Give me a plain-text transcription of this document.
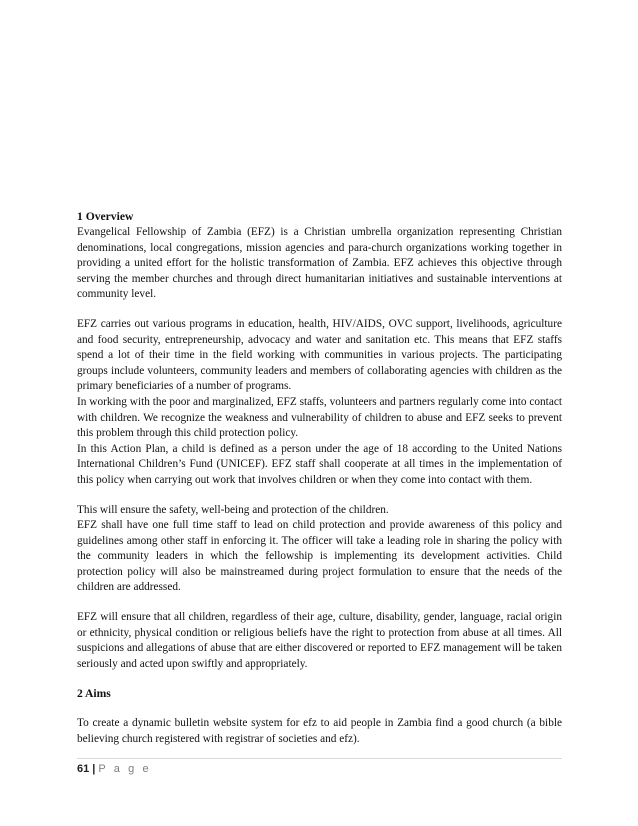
1 Overview

Evangelical Fellowship of Zambia (EFZ) is a Christian umbrella organization representing Christian denominations, local congregations, mission agencies and para-church organizations working together in providing a united effort for the holistic transformation of Zambia. EFZ achieves this objective through serving the member churches and through direct humanitarian initiatives and sustainable interventions at community level.

EFZ carries out various programs in education, health, HIV/AIDS, OVC support, livelihoods, agriculture and food security, entrepreneurship, advocacy and water and sanitation etc. This means that EFZ staffs spend a lot of their time in the field working with communities in various projects. The participating groups include volunteers, community leaders and members of collaborating agencies with children as the primary beneficiaries of a number of programs.

In working with the poor and marginalized, EFZ staffs, volunteers and partners regularly come into contact with children. We recognize the weakness and vulnerability of children to abuse and EFZ seeks to prevent this problem through this child protection policy.

In this Action Plan, a child is defined as a person under the age of 18 according to the United Nations International Children’s Fund (UNICEF). EFZ staff shall cooperate at all times in the implementation of this policy when carrying out work that involves children or when they come into contact with them.

This will ensure the safety, well-being and protection of the children.

EFZ shall have one full time staff to lead on child protection and provide awareness of this policy and guidelines among other staff in enforcing it. The officer will take a leading role in sharing the policy with the community leaders in which the fellowship is implementing its development activities. Child protection policy will also be mainstreamed during project formulation to ensure that the needs of the children are addressed.

EFZ will ensure that all children, regardless of their age, culture, disability, gender, language, racial origin or ethnicity, physical condition or religious beliefs have the right to protection from abuse at all times. All suspicions and allegations of abuse that are either discovered or reported to EFZ management will be taken seriously and acted upon swiftly and appropriately.

2 Aims

To create a dynamic bulletin website system for efz to aid people in Zambia find a good church (a bible believing church registered with registrar of societies and efz).

61 | P a g e
